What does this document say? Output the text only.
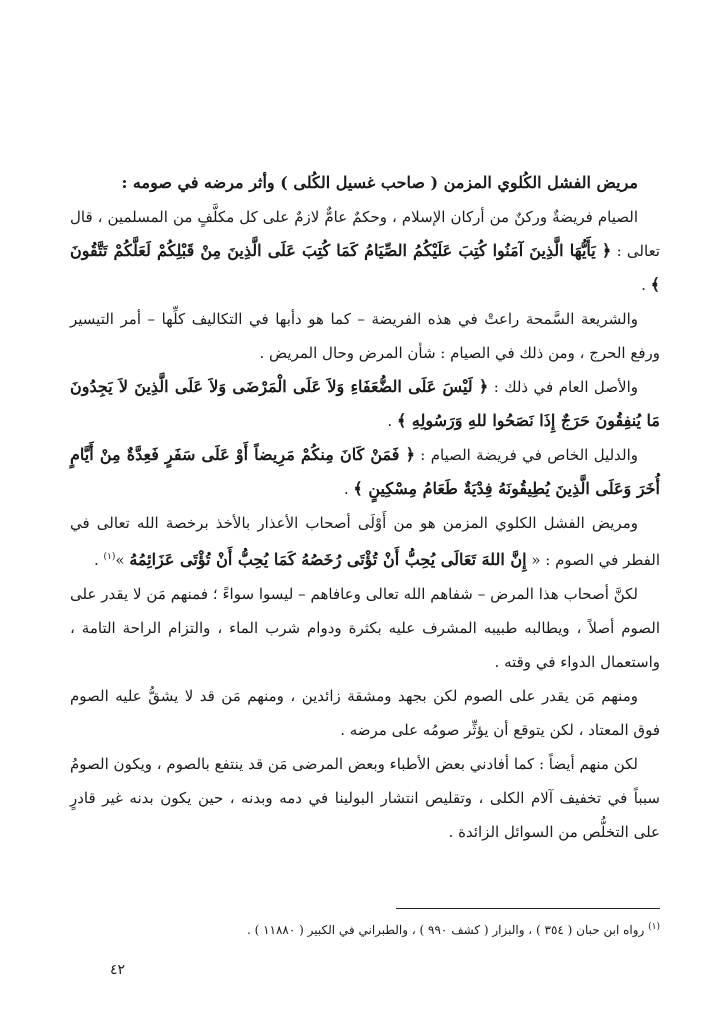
مريض الفشل الكُلوي المزمن ( صاحب غسيل الكُلى ) وأثر مرضه في صومه :

الصيام فريضةٌ وركنٌ من أركان الإسلام ، وحكمٌ عامٌّ لازمٌ على كل مكلَّفٍ من المسلمين ، قال تعالى : ﴿ يَأَيُّهَا الَّذِينَ آمَنُوا كُتِبَ عَلَيْكُمُ الصِّيَامُ كَمَا كُتِبَ عَلَى الَّذِينَ مِنْ قَبْلِكُمْ لَعَلَّكُمْ تَتَّقُونَ ﴾ .

والشريعة السَّمحة راعتْ في هذه الفريضة – كما هو دأبها في التكاليف كلِّها – أمر التيسير ورفع الحرج ، ومن ذلك في الصيام : شأن المرض وحال المريض .

والأصل العام في ذلك : ﴿ لَيْسَ عَلَى الضُّعَفَاءِ وَلاَ عَلَى الْمَرْضَى وَلاَ عَلَى الَّذِينَ لاَ يَجِدُونَ مَا يُنفِقُونَ حَرَجٌ إِذَا نَصَحُوا للهِ وَرَسُولِهِ ﴾ .

والدليل الخاص في فريضة الصيام : ﴿ فَمَنْ كَانَ مِنكُمْ مَرِيضاً أَوْ عَلَى سَفَرٍ فَعِدَّةٌ مِنْ أَيَّامٍ أُخَرَ وَعَلَى الَّذِينَ يُطِيقُونَهُ فِدْيَةٌ طَعَامُ مِسْكِينٍ ﴾ .

ومريض الفشل الكلوي المزمن هو من أَوْلَى أصحاب الأعذار بالأخذ برخصة الله تعالى في الفطر في الصوم : « إِنَّ اللهَ تَعَالَى يُحِبُّ أَنْ تُؤْتَى رُخَصُهُ كَمَا يُحِبُّ أَنْ تُؤْتَى عَزَائِمُهُ »$^{(١)}$ .

لكنَّ أصحاب هذا المرض – شفاهم الله تعالى وعافاهم – ليسوا سواءً ؛ فمنهم مَن لا يقدر على الصوم أصلاً ، ويطالبه طبيبه المشرف عليه بكثرة ودوام شرب الماء ، والتزام الراحة التامة ، واستعمال الدواء في وقته .

ومنهم مَن يقدر على الصوم لكن بجهد ومشقة زائدين ، ومنهم مَن قد لا يشقُّ عليه الصوم فوق المعتاد ، لكن يتوقع أن يؤثِّر صومُه على مرضه .

لكن منهم أيضاً : كما أفادني بعض الأطباء وبعض المرضى مَن قد ينتفع بالصوم ، ويكون الصومُ سبباً في تخفيف آلام الكلى ، وتقليص انتشار البولينا في دمه وبدنه ، حين يكون بدنه غير قادرٍ على التخلُّص من السوائل الزائدة .

$^{(١)}$ رواه ابن حبان ( ٣٥٤ ) ، والبزار ( كشف ٩٩٠ ) ، والطبراني في الكبير ( ١١٨٨٠ ) .
٤٢
